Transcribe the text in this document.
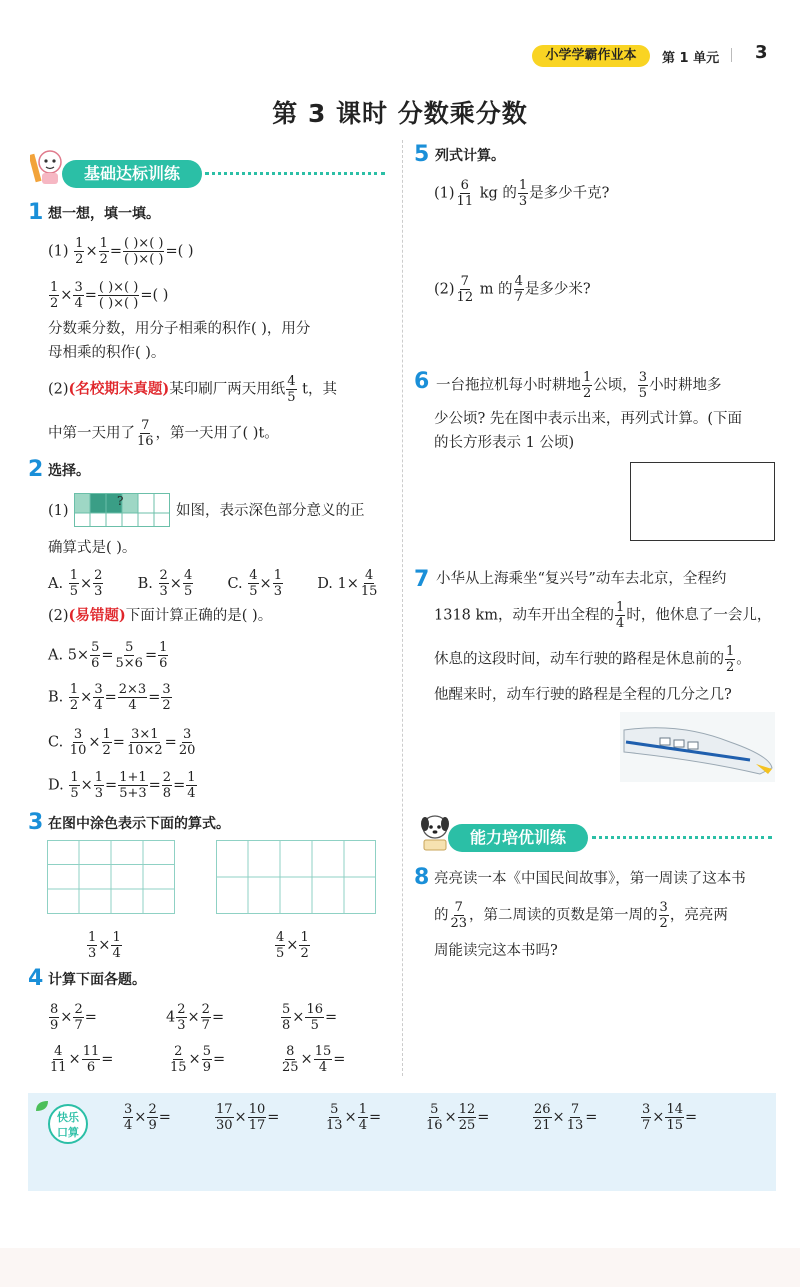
小学学霸作业本	第 1 单元 3
第 3 课时 分数乘分数
基础达标训练
1 想一想，填一填。
$(1) \frac{1}{2} \times \frac{1}{2} = \frac{( )\times( )}{( )\times( )}$ =( )
$\frac{1}{2} \times \frac{3}{4} = \frac{( )\times( )}{( )\times( )}$ =( )
分数乘分数，用分子相乘的积作( )，用分
母相乘的积作( )。
(2)(名校期末真题)某印刷厂两天用纸 $\frac{4}{5}$ t，其
中第一天用了 $\frac{7}{16}$ ，第一天用了( )t。
2 选择。
(1)
?
如图，表示深色部分意义的正
确算式是( )。
A. $\frac{1}{5} \times \frac{2}{3} B$. $\frac{2}{3} \times \frac{4}{5} C$. $\frac{4}{5} \times \frac{1}{3} D$. $1\times \frac{4}{15}$
(2)(易错题)下面计算正确的是( )。
A. $5\times \frac{5}{6} = \frac{5}{5\times 6} = \frac{1}{6}$
B. $\frac{1}{2} \times \frac{3}{4} = \frac{2\times 3}{4} = \frac{3}{2}$
C. $\frac{3}{10} \times \frac{1}{2} = \frac{3\times 1}{10\times 2} = \frac{3}{20}$
D. $\frac{1}{5} \times \frac{1}{3} = \frac{1+1}{5+3} = \frac{2}{8} = \frac{1}{4}$
3 在图中涂色表示下面的算式。
$\frac{1}{3} \times \frac{1}{4}$	$\frac{4}{5} \times \frac{1}{2}$
4 计算下面各题。
$\frac{8}{9} \times \frac{2}{7}$ =	$4 \frac{2}{3} \times \frac{2}{7}$ =	$\frac{5}{8} \times \frac{16}{5}$ =
$\frac{4}{11} \times \frac{11}{6}$ =	$\frac{2}{15} \times \frac{5}{9}$ =	$\frac{8}{25} \times \frac{15}{4}$ =
5 列式计算。
$(1) \frac{6}{11}$ kg 的 $\frac{1}{3}$ 是多少千克?
$(2) \frac{7}{12}$ m 的 $\frac{4}{7}$ 是多少米?
6 一台拖拉机每小时耕地 $\frac{1}{2}$ 公顷， $\frac{3}{5}$ 小时耕地多
少公顷? 先在图中表示出来，再列式计算。(下面
的长方形表示 1 公顷)
7 小华从上海乘坐“复兴号”动车去北京，全程约
1318 km，动车开出全程的 $\frac{1}{4}$ 时，他休息了一会儿，
休息的这段时间，动车行驶的路程是休息前的 $\frac{1}{2}$ 。
他醒来时，动车行驶的路程是全程的几分之几?
能力培优训练
8 亮亮读一本《中国民间故事》，第一周读了这本书
的 $\frac{7}{23}$ ，第二周读的页数是第一周的 $\frac{3}{2}$ ，亮亮两
周能读完这本书吗?
快乐
口算	$\frac{3}{4} \times \frac{2}{9}$ =	$\frac{17}{30} \times \frac{10}{17}$ =	$\frac{5}{13} \times \frac{1}{4}$ =	$\frac{5}{16} \times \frac{12}{25}$ =	$\frac{26}{21} \times \frac{7}{13}$ =	$\frac{3}{7} \times \frac{14}{15}$ =
